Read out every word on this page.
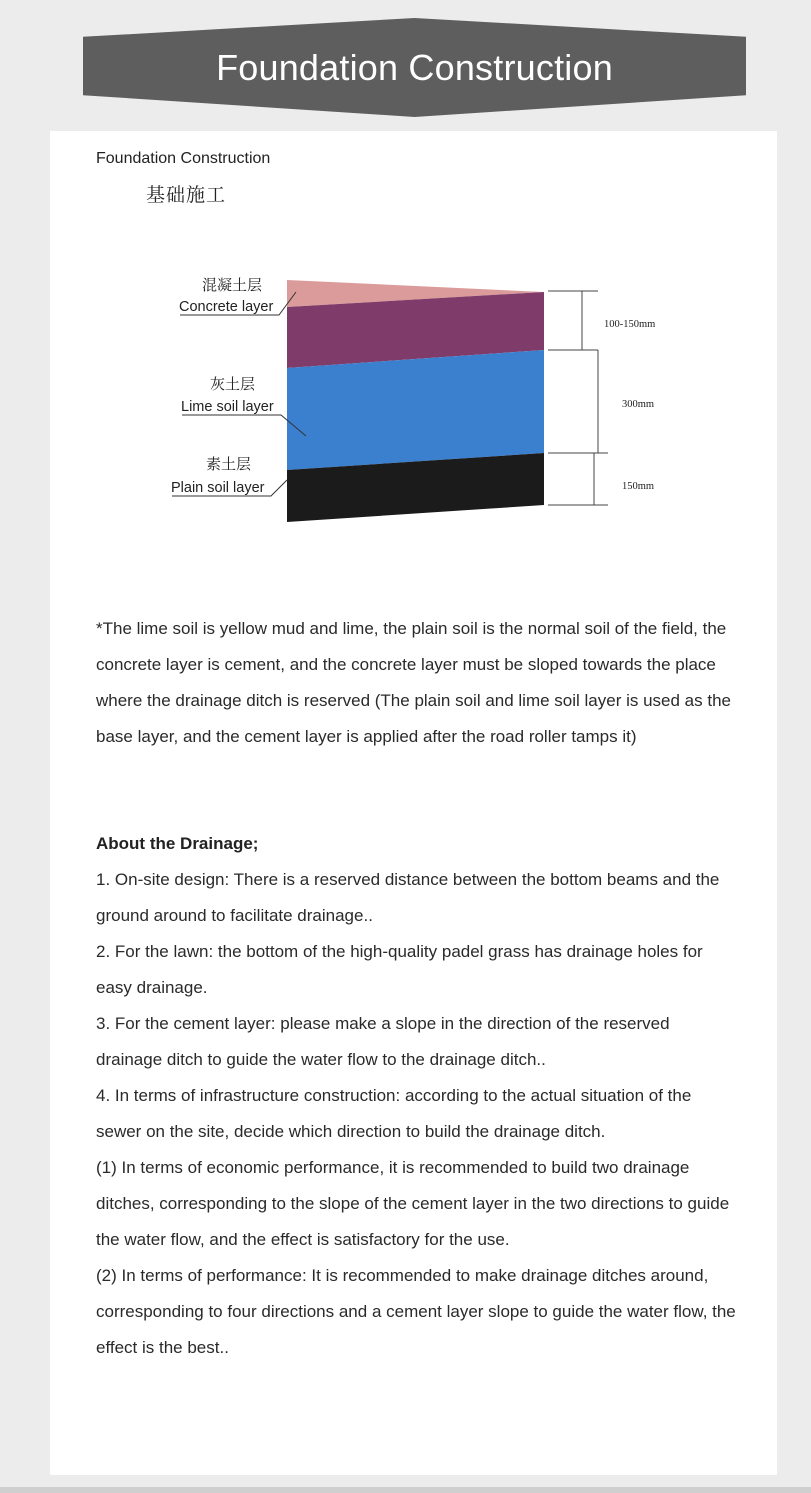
Foundation Construction
Foundation Construction
基础施工
100-150mm
300mm
150mm
混凝土层
Concrete layer
灰土层
Lime soil layer
素土层
Plain soil layer
*The lime soil is yellow mud and lime, the plain soil is the normal soil of the field, the concrete layer is cement, and the concrete layer must be sloped towards the place where the drainage ditch is reserved (The plain soil and lime soil layer is used as the base layer, and the cement layer is applied after the road roller tamps it)

About the Drainage;

1. On-site design: There is a reserved distance between the bottom beams and the ground around to facilitate drainage..

2. For the lawn: the bottom of the high-quality padel grass has drainage holes for easy drainage.

3. For the cement layer: please make a slope in the direction of the reserved drainage ditch to guide the water flow to the drainage ditch..

4. In terms of infrastructure construction: according to the actual situation of the sewer on the site, decide which direction to build the drainage ditch.

(1) In terms of economic performance, it is recommended to build two drainage ditches, corresponding to the slope of the cement layer in the two directions to guide the water flow, and the effect is satisfactory for the use.

(2) In terms of performance: It is recommended to make drainage ditches around, corresponding to four directions and a cement layer slope to guide the water flow, the effect is the best..
